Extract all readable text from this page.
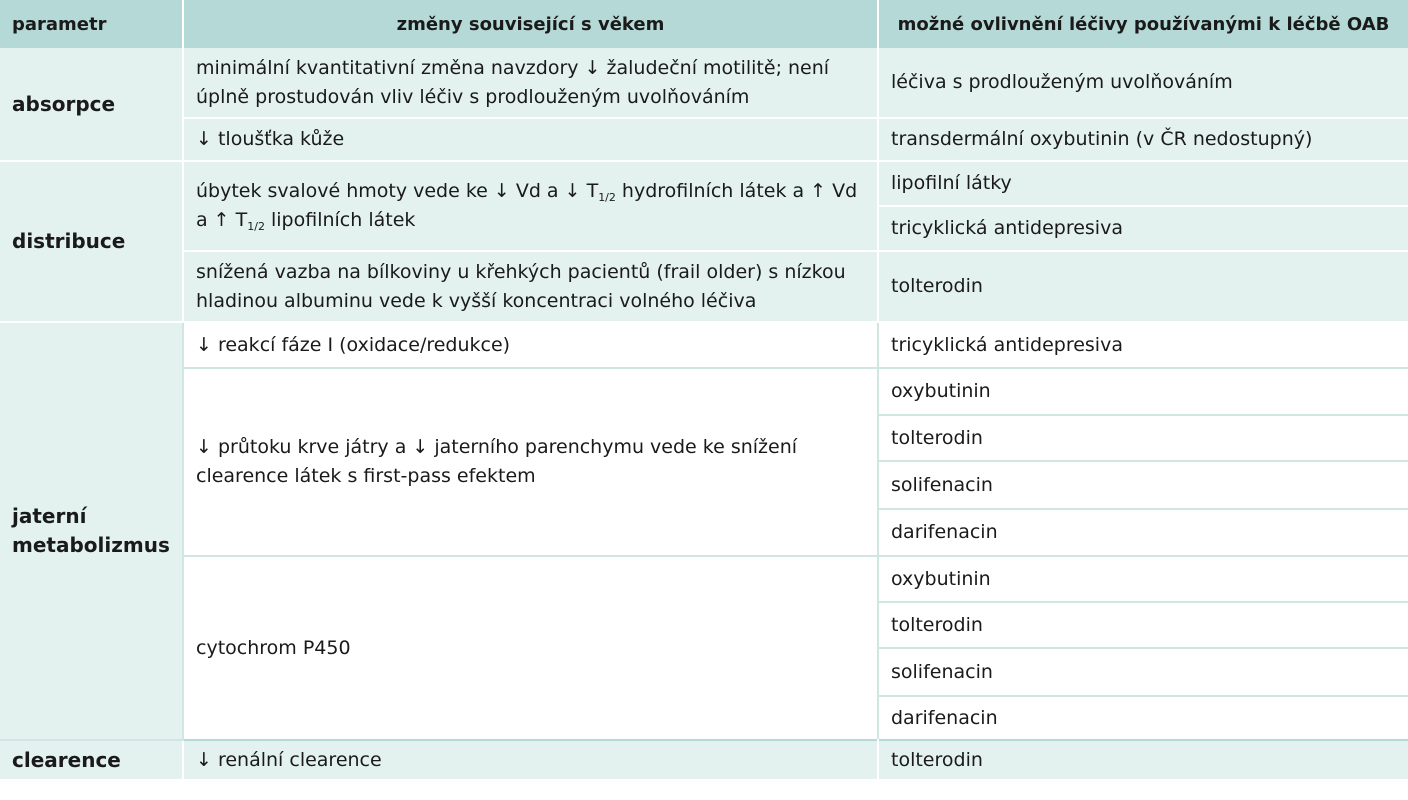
parametr	změny související s věkem	možné ovlivnění léčivy používanými k léčbě OAB
absorpce	minimální kvantitativní změna navzdory ↓ žaludeční motilitě; není úplně prostudován vliv léčiv s prodlouženým uvolňováním	léčiva s prodlouženým uvolňováním
	↓ tloušťka kůže	transdermální oxybutinin (v ČR nedostupný)
distribuce	úbytek svalové hmoty vede ke ↓ Vd a ↓ $T_{1/2}$ hydrofilních látek a ↑ Vd a ↑ $T_{1/2}$ lipofilních látek	lipofilní látky
		tricyklická antidepresiva
	snížená vazba na bílkoviny u křehkých pacientů (frail older) s nízkou hladinou albuminu vede k vyšší koncentraci volného léčiva	tolterodin
jaterní metabolizmus	↓ reakcí fáze I (oxidace/redukce)	tricyklická antidepresiva
	↓ průtoku krve játry a ↓ jaterního parenchymu vede ke snížení clearence látek s first-pass efektem	oxybutinin
		tolterodin
		solifenacin
		darifenacin
	cytochrom P450	oxybutinin
		tolterodin
		solifenacin
		darifenacin

clearence	↓ renální clearence	tolterodin
